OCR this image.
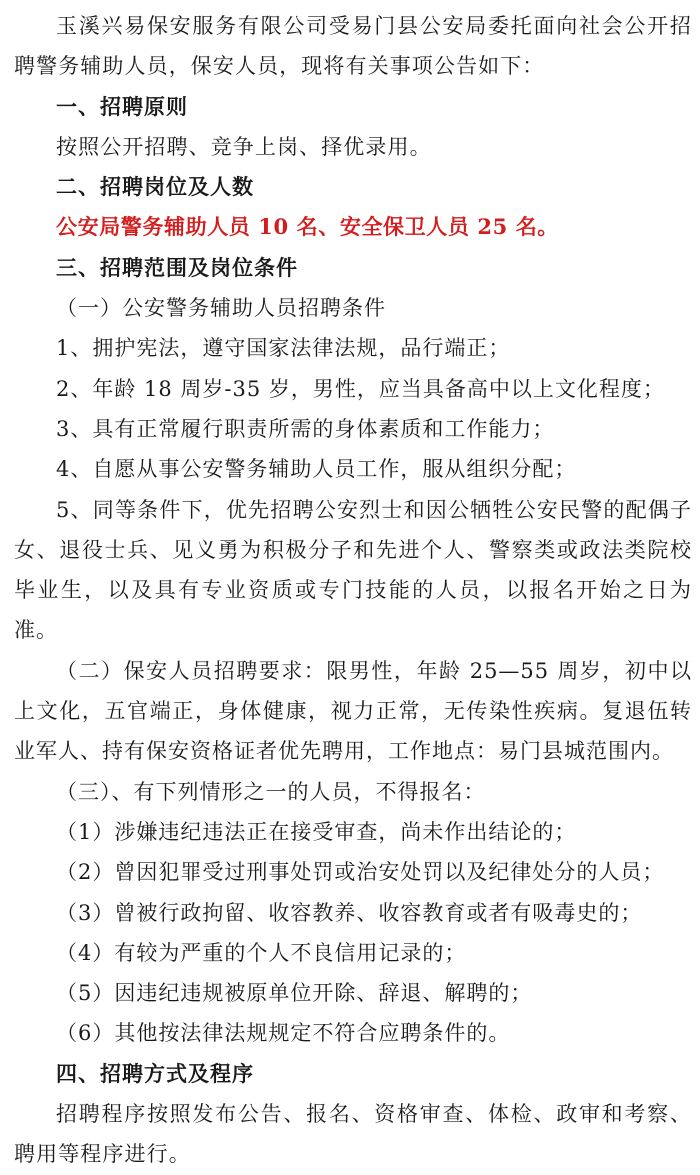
玉溪兴易保安服务有限公司受易门县公安局委托面向社会公开招聘警务辅助人员，保安人员，现将有关事项公告如下：

一、招聘原则

按照公开招聘、竞争上岗、择优录用。

二、招聘岗位及人数

公安局警务辅助人员 10 名、安全保卫人员 25 名。

三、招聘范围及岗位条件

（一）公安警务辅助人员招聘条件

1、拥护宪法，遵守国家法律法规，品行端正；

2、年龄 18 周岁-35 岁，男性，应当具备高中以上文化程度；

3、具有正常履行职责所需的身体素质和工作能力；

4、自愿从事公安警务辅助人员工作，服从组织分配；

5、同等条件下，优先招聘公安烈士和因公牺牲公安民警的配偶子女、退役士兵、见义勇为积极分子和先进个人、警察类或政法类院校毕业生，以及具有专业资质或专门技能的人员，以报名开始之日为准。

（二）保安人员招聘要求：限男性，年龄 25—55 周岁，初中以上文化，五官端正，身体健康，视力正常，无传染性疾病。复退伍转业军人、持有保安资格证者优先聘用，工作地点：易门县城范围内。

（三）、有下列情形之一的人员，不得报名：

（1）涉嫌违纪违法正在接受审查，尚未作出结论的；

（2）曾因犯罪受过刑事处罚或治安处罚以及纪律处分的人员；

（3）曾被行政拘留、收容教养、收容教育或者有吸毒史的；

（4）有较为严重的个人不良信用记录的；

（5）因违纪违规被原单位开除、辞退、解聘的；

（6）其他按法律法规规定不符合应聘条件的。

四、招聘方式及程序

招聘程序按照发布公告、报名、资格审查、体检、政审和考察、聘用等程序进行。
